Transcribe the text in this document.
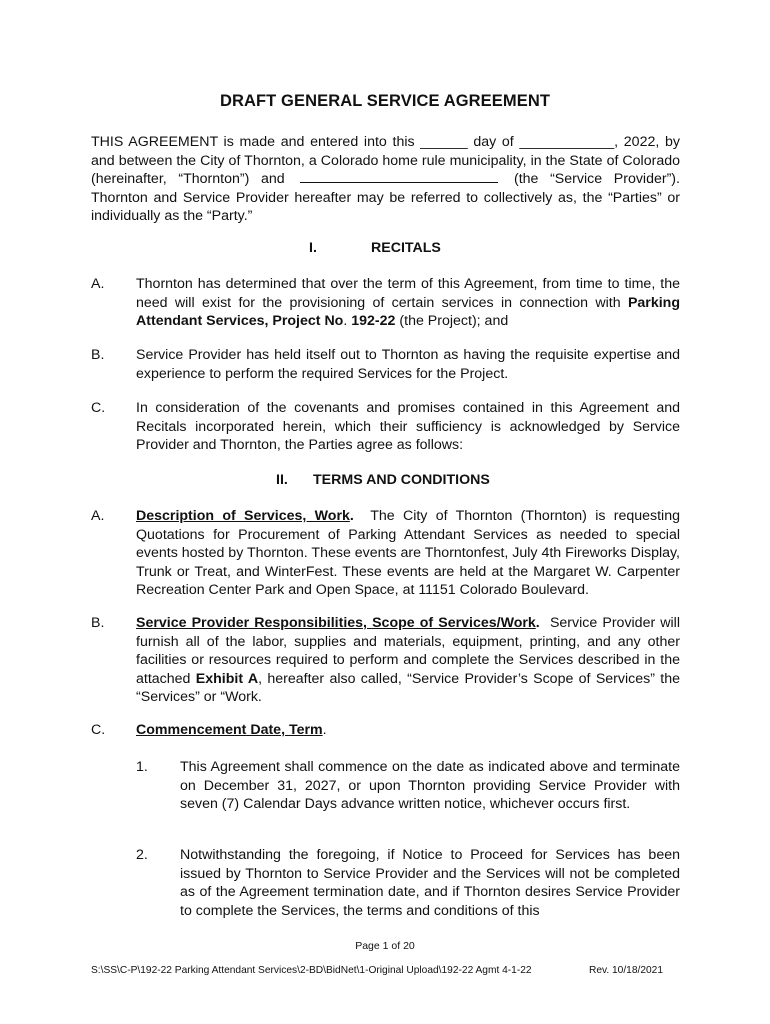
DRAFT GENERAL SERVICE AGREEMENT
THIS AGREEMENT is made and entered into this ______ day of ____________, 2022, by and between the City of Thornton, a Colorado home rule municipality, in the State of Colorado (hereinafter, “Thornton”) and	(the “Service Provider”). Thornton and Service Provider hereafter may be referred to collectively as, the “Parties” or individually as the “Party.”
I.	RECITALS
A. Thornton has determined that over the term of this Agreement, from time to time, the need will exist for the provisioning of certain services in connection with Parking Attendant Services, Project No. 192-22 (the Project); and
B. Service Provider has held itself out to Thornton as having the requisite expertise and experience to perform the required Services for the Project.
C. In consideration of the covenants and promises contained in this Agreement and Recitals incorporated herein, which their sufficiency is acknowledged by Service Provider and Thornton, the Parties agree as follows:
II. TERMS AND CONDITIONS
A. Description of Services, Work. The City of Thornton (Thornton) is requesting Quotations for Procurement of Parking Attendant Services as needed to special events hosted by Thornton. These events are Thorntonfest, July 4th Fireworks Display, Trunk or Treat, and WinterFest. These events are held at the Margaret W. Carpenter Recreation Center Park and Open Space, at 11151 Colorado Boulevard.
B. Service Provider Responsibilities, Scope of Services/Work. Service Provider will furnish all of the labor, supplies and materials, equipment, printing, and any other facilities or resources required to perform and complete the Services described in the attached Exhibit A, hereafter also called, “Service Provider’s Scope of Services” the “Services” or “Work.
C. Commencement Date, Term.
1. This Agreement shall commence on the date as indicated above and terminate on December 31, 2027, or upon Thornton providing Service Provider with seven (7) Calendar Days advance written notice, whichever occurs first.
2. Notwithstanding the foregoing, if Notice to Proceed for Services has been issued by Thornton to Service Provider and the Services will not be completed as of the Agreement termination date, and if Thornton desires Service Provider to complete the Services, the terms and conditions of this
Page 1 of 20
S:\SS\C-P\192-22 Parking Attendant Services\2-BD\BidNet\1-Original Upload\192-22 Agmt 4-1-22	Rev. 10/18/2021
